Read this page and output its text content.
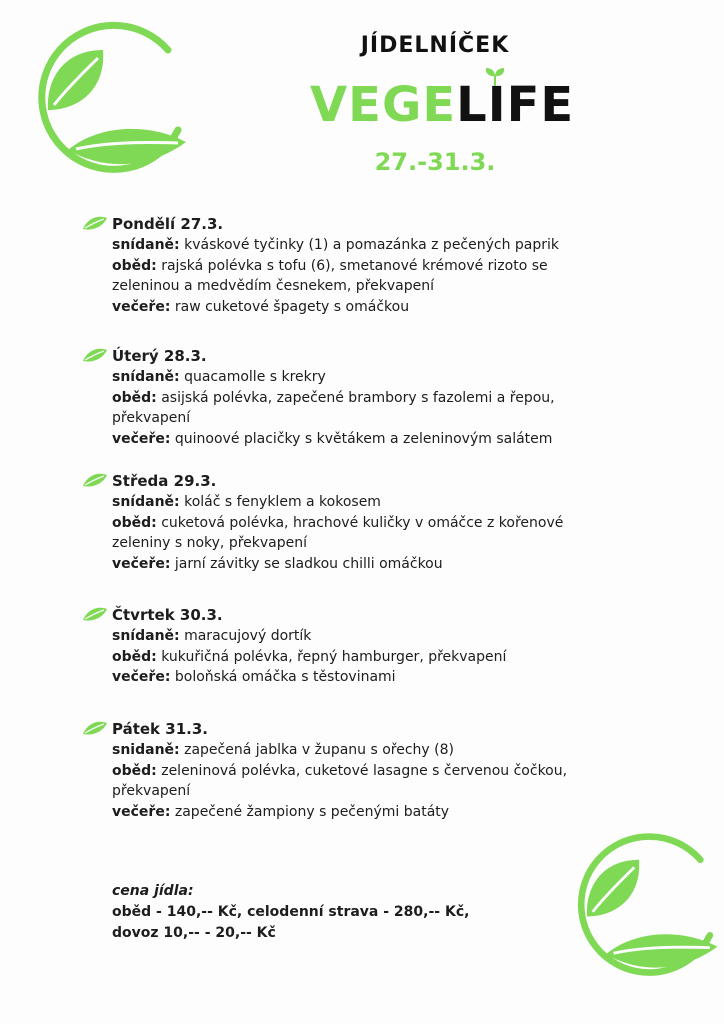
JÍDELNÍČEK
VEGELIFE
27.-31.3.
Pondělí 27.3.
snídaně: kváskové tyčinky (1) a pomazánka z pečených paprik
oběd: rajská polévka s tofu (6), smetanové krémové rizoto se zeleninou a medvědím česnekem, překvapení
večeře: raw cuketové špagety s omáčkou
Úterý 28.3.
snídaně: quacamolle s krekry
oběd: asijská polévka, zapečené brambory s fazolemi a řepou, překvapení
večeře: quinoové placičky s květákem a zeleninovým salátem
Středa 29.3.
snídaně: koláč s fenyklem a kokosem
oběd: cuketová polévka, hrachové kuličky v omáčce z kořenové zeleniny s noky, překvapení
večeře: jarní závitky se sladkou chilli omáčkou
Čtvrtek 30.3.
snídaně: maracujový dortík
oběd: kukuřičná polévka, řepný hamburger, překvapení
večeře: boloňská omáčka s těstovinami
Pátek 31.3.
snidaně: zapečená jablka v županu s ořechy (8)
oběd: zeleninová polévka, cuketové lasagne s červenou čočkou, překvapení
večeře: zapečené žampiony s pečenými batáty
cena jídla:
oběd - 140,-- Kč, celodenní strava - 280,-- Kč,
dovoz 10,-- - 20,-- Kč
